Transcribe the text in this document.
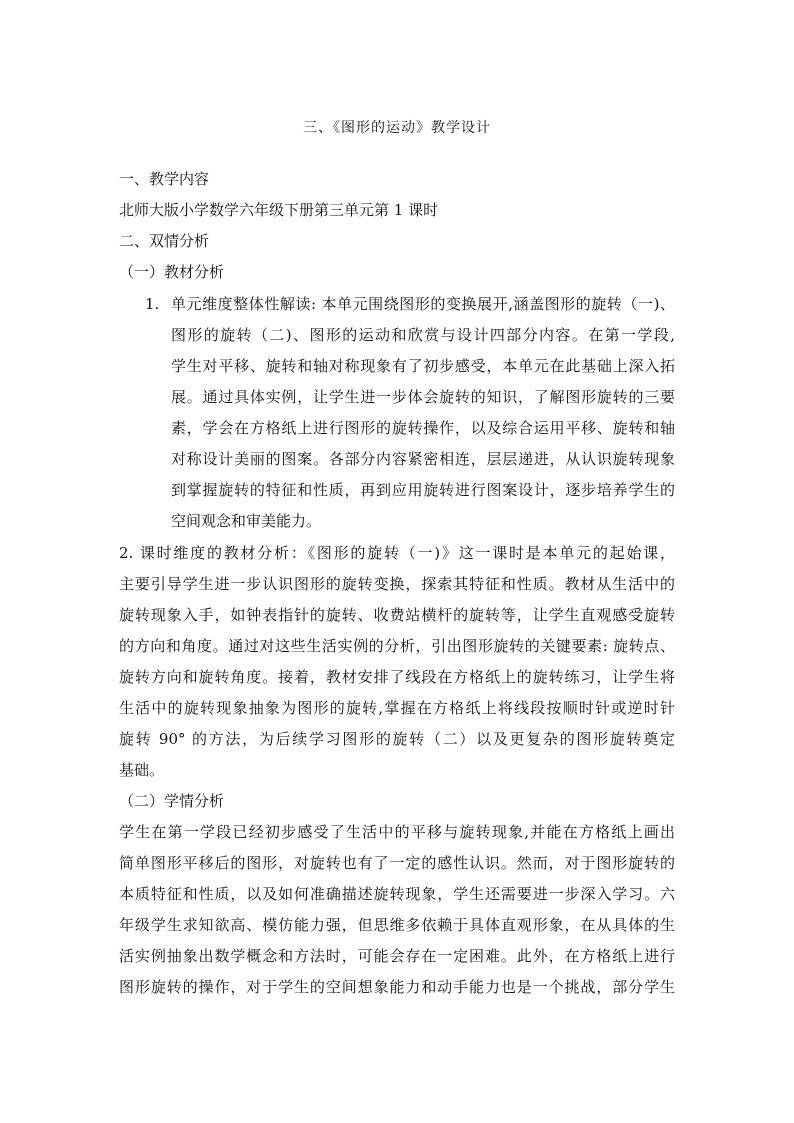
三、《图形的运动》教学设计

一、教学内容

北师大版小学数学六年级下册第三单元第 1 课时

二、双情分析

（一）教材分析

1. 单元维度整体性解读: 本单元围绕图形的变换展开,涵盖图形的旋转（一)、

图形的旋转（二)、图形的运动和欣赏与设计四部分内容。在第一学段,

学生对平移、旋转和轴对称现象有了初步感受，本单元在此基础上深入拓

展。通过具体实例，让学生进一步体会旋转的知识，了解图形旋转的三要

素，学会在方格纸上进行图形的旋转操作，以及综合运用平移、旋转和轴

对称设计美丽的图案。各部分内容紧密相连，层层递进，从认识旋转现象

到掌握旋转的特征和性质，再到应用旋转进行图案设计，逐步培养学生的

空间观念和审美能力。

2. 课时维度的教材分析：《图形的旋转（一)》这一课时是本单元的起始课，

主要引导学生进一步认识图形的旋转变换，探索其特征和性质。教材从生活中的

旋转现象入手，如钟表指针的旋转、收费站横杆的旋转等，让学生直观感受旋转

的方向和角度。通过对这些生活实例的分析，引出图形旋转的关键要素: 旋转点、

旋转方向和旋转角度。接着，教材安排了线段在方格纸上的旋转练习，让学生将

生活中的旋转现象抽象为图形的旋转,掌握在方格纸上将线段按顺时针或逆时针

旋转 90° 的方法，为后续学习图形的旋转（二）以及更复杂的图形旋转奠定

基础。

（二）学情分析

学生在第一学段已经初步感受了生活中的平移与旋转现象,并能在方格纸上画出

简单图形平移后的图形，对旋转也有了一定的感性认识。然而，对于图形旋转的

本质特征和性质，以及如何准确描述旋转现象，学生还需要进一步深入学习。六

年级学生求知欲高、模仿能力强，但思维多依赖于具体直观形象，在从具体的生

活实例抽象出数学概念和方法时，可能会存在一定困难。此外，在方格纸上进行

图形旋转的操作，对于学生的空间想象能力和动手能力也是一个挑战，部分学生
